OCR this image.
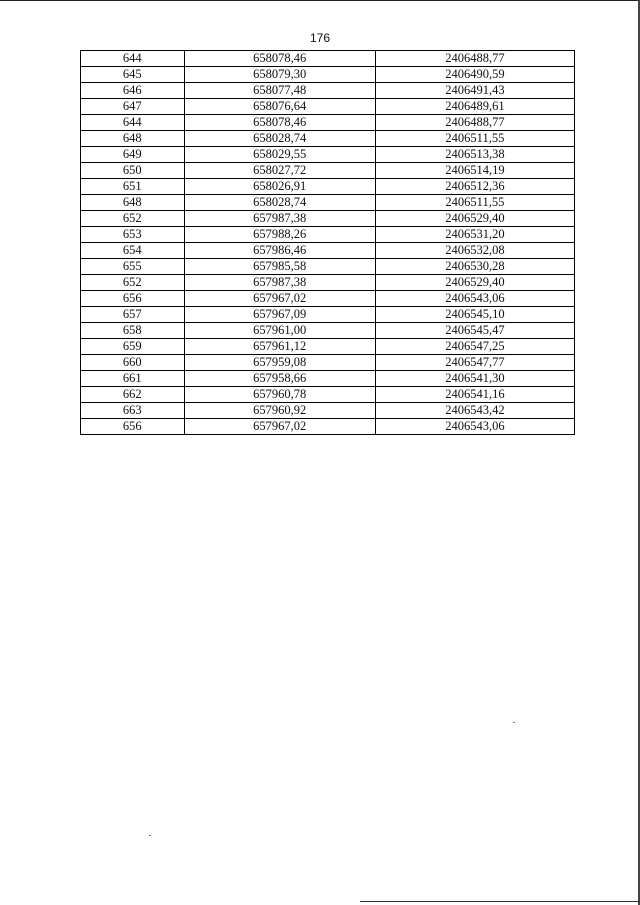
176
644	658078,46	2406488,77
645	658079,30	2406490,59
646	658077,48	2406491,43
647	658076,64	2406489,61
644	658078,46	2406488,77
648	658028,74	2406511,55
649	658029,55	2406513,38
650	658027,72	2406514,19
651	658026,91	2406512,36
648	658028,74	2406511,55
652	657987,38	2406529,40
653	657988,26	2406531,20
654	657986,46	2406532,08
655	657985,58	2406530,28
652	657987,38	2406529,40
656	657967,02	2406543,06
657	657967,09	2406545,10
658	657961,00	2406545,47
659	657961,12	2406547,25
660	657959,08	2406547,77
661	657958,66	2406541,30
662	657960,78	2406541,16
663	657960,92	2406543,42
656	657967,02	2406543,06
